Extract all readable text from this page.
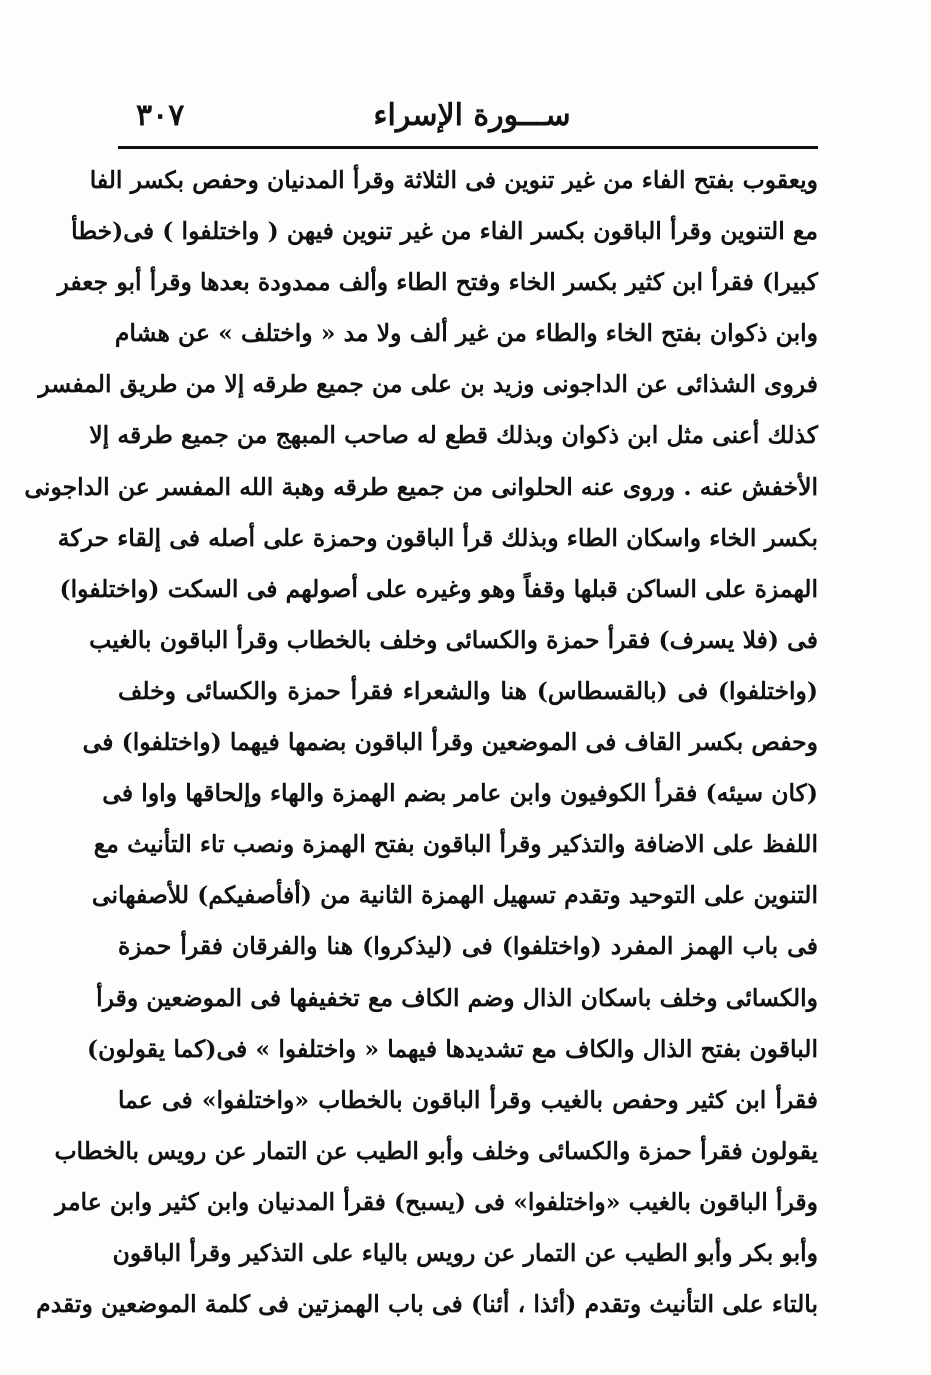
٣٠٧	ســـورة الإسراء
ويعقوب بفتح الفاء من غير تنوين فى الثلاثة وقرأ المدنيان وحفص بكسر الفا
مع التنوين وقرأ الباقون بكسر الفاء من غير تنوين فيهن ( واختلفوا ) فى(خطأ
كبيرا) فقرأ ابن كثير بكسر الخاء وفتح الطاء وألف ممدودة بعدها وقرأ أبو جعفر
وابن ذكوان بفتح الخاء والطاء من غير ألف ولا مد « واختلف » عن هشام
فروى الشذائى عن الداجونى وزيد بن على من جميع طرقه إلا من طريق المفسر
كذلك أعنى مثل ابن ذكوان وبذلك قطع له صاحب المبهج من جميع طرقه إلا
الأخفش عنه . وروى عنه الحلوانى من جميع طرقه وهبة الله المفسر عن الداجونى
بكسر الخاء واسكان الطاء وبذلك قرأ الباقون وحمزة على أصله فى إلقاء حركة
الهمزة على الساكن قبلها وقفاً وهو وغيره على أصولهم فى السكت (واختلفوا)
فى (فلا يسرف) فقرأ حمزة والكسائى وخلف بالخطاب وقرأ الباقون بالغيب
(واختلفوا) فى (بالقسطاس) هنا والشعراء فقرأ حمزة والكسائى وخلف
وحفص بكسر القاف فى الموضعين وقرأ الباقون بضمها فيهما (واختلفوا) فى
(كان سيئه) فقرأ الكوفيون وابن عامر بضم الهمزة والهاء وإلحاقها واوا فى
اللفظ على الاضافة والتذكير وقرأ الباقون بفتح الهمزة ونصب تاء التأنيث مع
التنوين على التوحيد وتقدم تسهيل الهمزة الثانية من (أفأصفيكم) للأصفهانى
فى باب الهمز المفرد (واختلفوا) فى (ليذكروا) هنا والفرقان فقرأ حمزة
والكسائى وخلف باسكان الذال وضم الكاف مع تخفيفها فى الموضعين وقرأ
الباقون بفتح الذال والكاف مع تشديدها فيهما « واختلفوا » فى(كما يقولون)
فقرأ ابن كثير وحفص بالغيب وقرأ الباقون بالخطاب «واختلفوا» فى عما
يقولون فقرأ حمزة والكسائى وخلف وأبو الطيب عن التمار عن رويس بالخطاب
وقرأ الباقون بالغيب «واختلفوا» فى (يسبح) فقرأ المدنيان وابن كثير وابن عامر
وأبو بكر وأبو الطيب عن التمار عن رويس بالياء على التذكير وقرأ الباقون
بالتاء على التأنيث وتقدم (أئذا ، أئنا) فى باب الهمزتين فى كلمة الموضعين وتقدم
